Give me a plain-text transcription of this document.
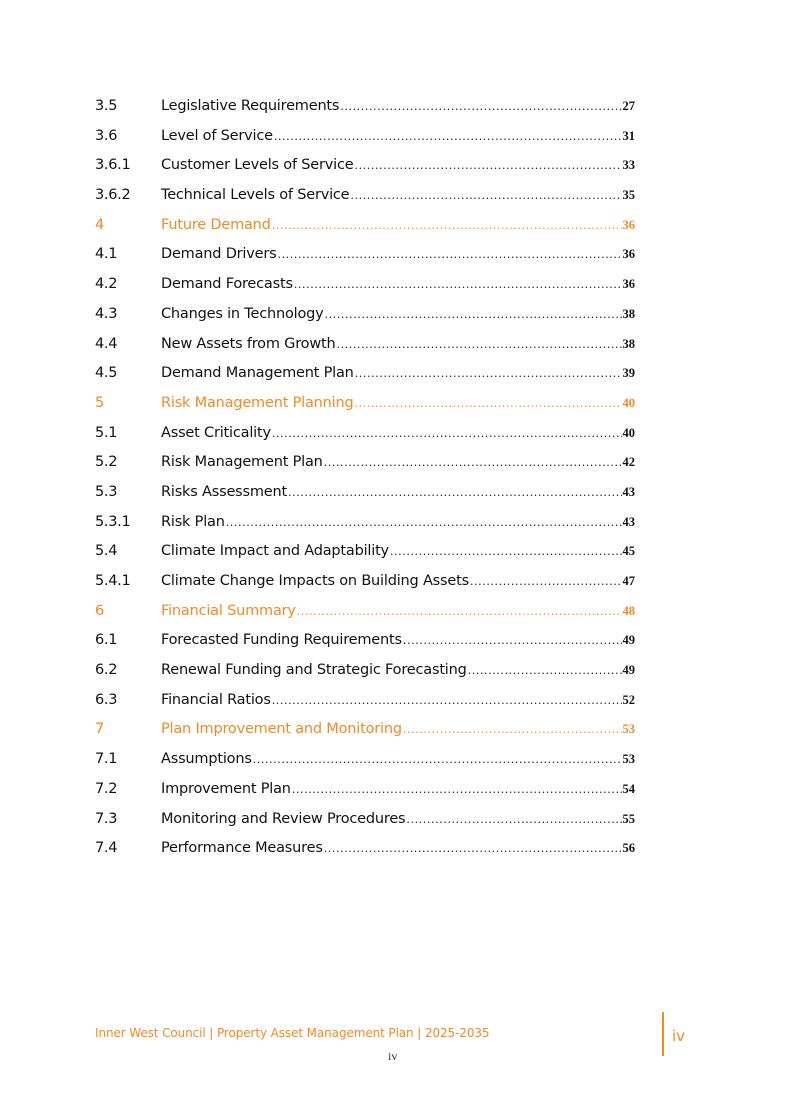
3.5	Legislative Requirements .....	27
3.6	Level of Service .....	31
3.6.1	Customer Levels of Service .....	33
3.6.2	Technical Levels of Service .....	35
4	Future Demand .....	36
4.1	Demand Drivers .....	36
4.2	Demand Forecasts .....	36
4.3	Changes in Technology .....	38
4.4	New Assets from Growth .....	38
4.5	Demand Management Plan .....	39
5	Risk Management Planning .....	40
5.1	Asset Criticality .....	40
5.2	Risk Management Plan .....	42
5.3	Risks Assessment .....	43
5.3.1	Risk Plan .....	43
5.4	Climate Impact and Adaptability .....	45
5.4.1	Climate Change Impacts on Building Assets .....	47
6	Financial Summary .....	48
6.1	Forecasted Funding Requirements .....	49
6.2	Renewal Funding and Strategic Forecasting .....	49
6.3	Financial Ratios .....	52
7	Plan Improvement and Monitoring .....	53
7.1	Assumptions .....	53
7.2	Improvement Plan .....	54
7.3	Monitoring and Review Procedures .....	55
7.4	Performance Measures .....	56
Inner West Council | Property Asset Management Plan | 2025-2035	iv
iv
